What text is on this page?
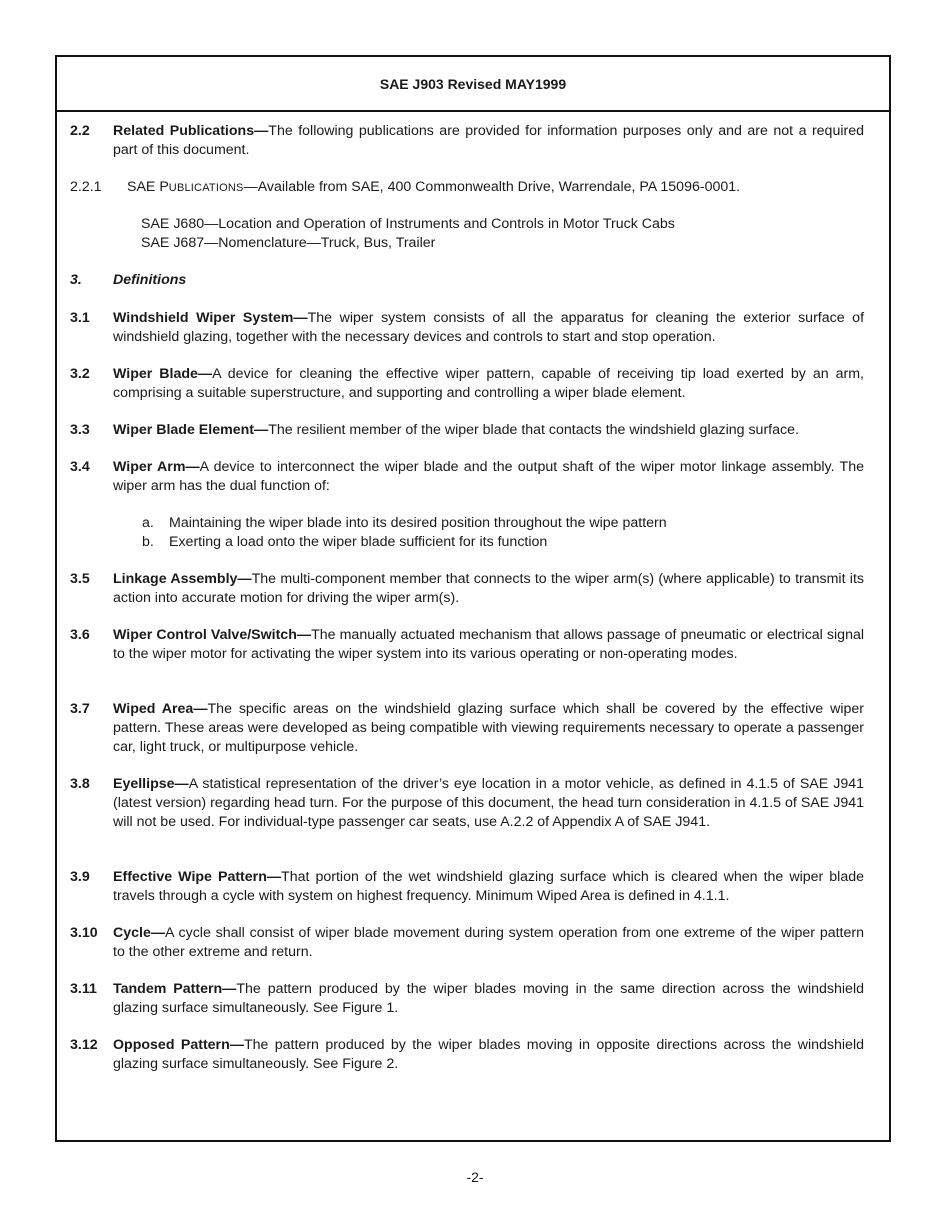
SAE J903 Revised MAY1999
2.2 Related Publications—The following publications are provided for information purposes only and are not a required part of this document.
2.2.1 SAE PUBLICATIONS—Available from SAE, 400 Commonwealth Drive, Warrendale, PA 15096-0001.
SAE J680—Location and Operation of Instruments and Controls in Motor Truck Cabs
SAE J687—Nomenclature—Truck, Bus, Trailer
3. Definitions
3.1 Windshield Wiper System—The wiper system consists of all the apparatus for cleaning the exterior surface of windshield glazing, together with the necessary devices and controls to start and stop operation.
3.2 Wiper Blade—A device for cleaning the effective wiper pattern, capable of receiving tip load exerted by an arm, comprising a suitable superstructure, and supporting and controlling a wiper blade element.
3.3 Wiper Blade Element—The resilient member of the wiper blade that contacts the windshield glazing surface.
3.4 Wiper Arm—A device to interconnect the wiper blade and the output shaft of the wiper motor linkage assembly. The wiper arm has the dual function of:
a. Maintaining the wiper blade into its desired position throughout the wipe pattern
b. Exerting a load onto the wiper blade sufficient for its function
3.5 Linkage Assembly—The multi-component member that connects to the wiper arm(s) (where applicable) to transmit its action into accurate motion for driving the wiper arm(s).
3.6 Wiper Control Valve/Switch—The manually actuated mechanism that allows passage of pneumatic or electrical signal to the wiper motor for activating the wiper system into its various operating or non-operating modes.
3.7 Wiped Area—The specific areas on the windshield glazing surface which shall be covered by the effective wiper pattern. These areas were developed as being compatible with viewing requirements necessary to operate a passenger car, light truck, or multipurpose vehicle.
3.8 Eyellipse—A statistical representation of the driver’s eye location in a motor vehicle, as defined in 4.1.5 of SAE J941 (latest version) regarding head turn. For the purpose of this document, the head turn consideration in 4.1.5 of SAE J941 will not be used. For individual-type passenger car seats, use A.2.2 of Appendix A of SAE J941.
3.9 Effective Wipe Pattern—That portion of the wet windshield glazing surface which is cleared when the wiper blade travels through a cycle with system on highest frequency. Minimum Wiped Area is defined in 4.1.1.
3.10 Cycle—A cycle shall consist of wiper blade movement during system operation from one extreme of the wiper pattern to the other extreme and return.
3.11 Tandem Pattern—The pattern produced by the wiper blades moving in the same direction across the windshield glazing surface simultaneously. See Figure 1.
3.12 Opposed Pattern—The pattern produced by the wiper blades moving in opposite directions across the windshield glazing surface simultaneously. See Figure 2.
-2-
